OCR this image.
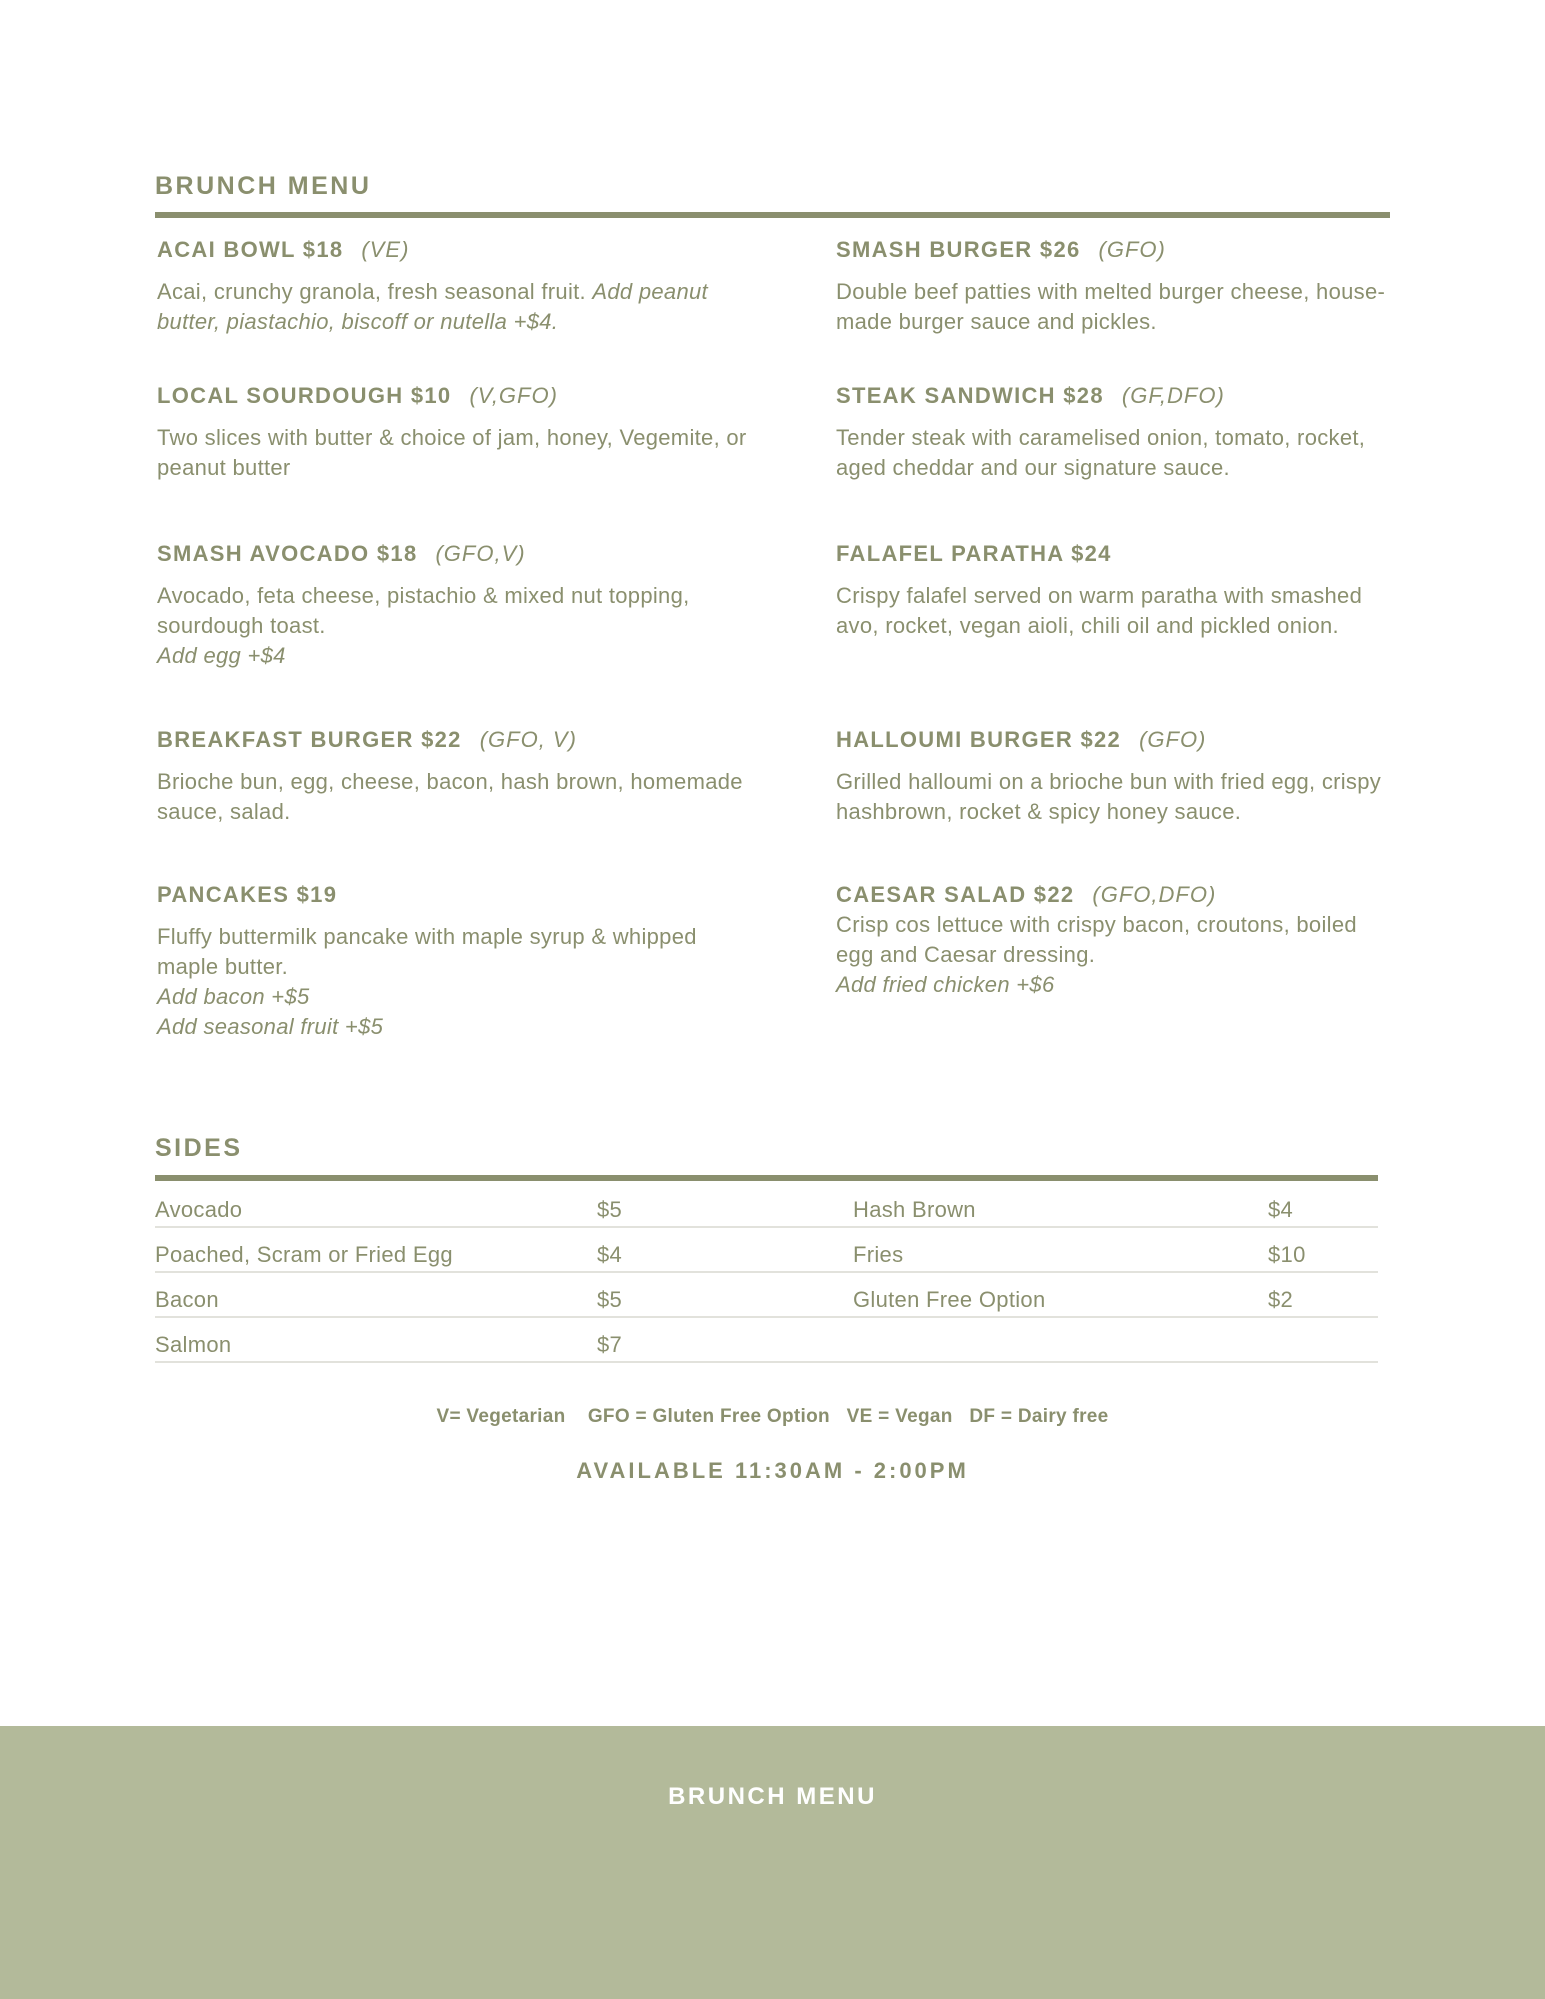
BRUNCH MENU
ACAI BOWL $18 (VE)
Acai, crunchy granola, fresh seasonal fruit. Add peanut butter, piastachio, biscoff or nutella +$4.
LOCAL SOURDOUGH $10 (V,GFO)
Two slices with butter & choice of jam, honey, Vegemite, or peanut butter
SMASH AVOCADO $18 (GFO,V)
Avocado, feta cheese, pistachio & mixed nut topping, sourdough toast.
Add egg +$4
BREAKFAST BURGER $22 (GFO, V)
Brioche bun, egg, cheese, bacon, hash brown, homemade sauce, salad.
PANCAKES $19
Fluffy buttermilk pancake with maple syrup & whipped maple butter.
Add bacon +$5
Add seasonal fruit +$5
SMASH BURGER $26 (GFO)
Double beef patties with melted burger cheese, house-made burger sauce and pickles.
STEAK SANDWICH $28 (GF,DFO)
Tender steak with caramelised onion, tomato, rocket, aged cheddar and our signature sauce.
FALAFEL PARATHA $24
Crispy falafel served on warm paratha with smashed avo, rocket, vegan aioli, chili oil and pickled onion.
HALLOUMI BURGER $22 (GFO)
Grilled halloumi on a brioche bun with fried egg, crispy hashbrown, rocket & spicy honey sauce.
CAESAR SALAD $22 (GFO,DFO)
Crisp cos lettuce with crispy bacon, croutons, boiled egg and Caesar dressing.
Add fried chicken +$6
SIDES
Avocado	$5	Hash Brown	$4
Poached, Scram or Fried Egg	$4	Fries	$10
Bacon	$5	Gluten Free Option	$2
Salmon	$7
V= Vegetarian    GFO = Gluten Free Option   VE = Vegan   DF = Dairy free
AVAILABLE 11:30AM - 2:00PM
BRUNCH MENU
